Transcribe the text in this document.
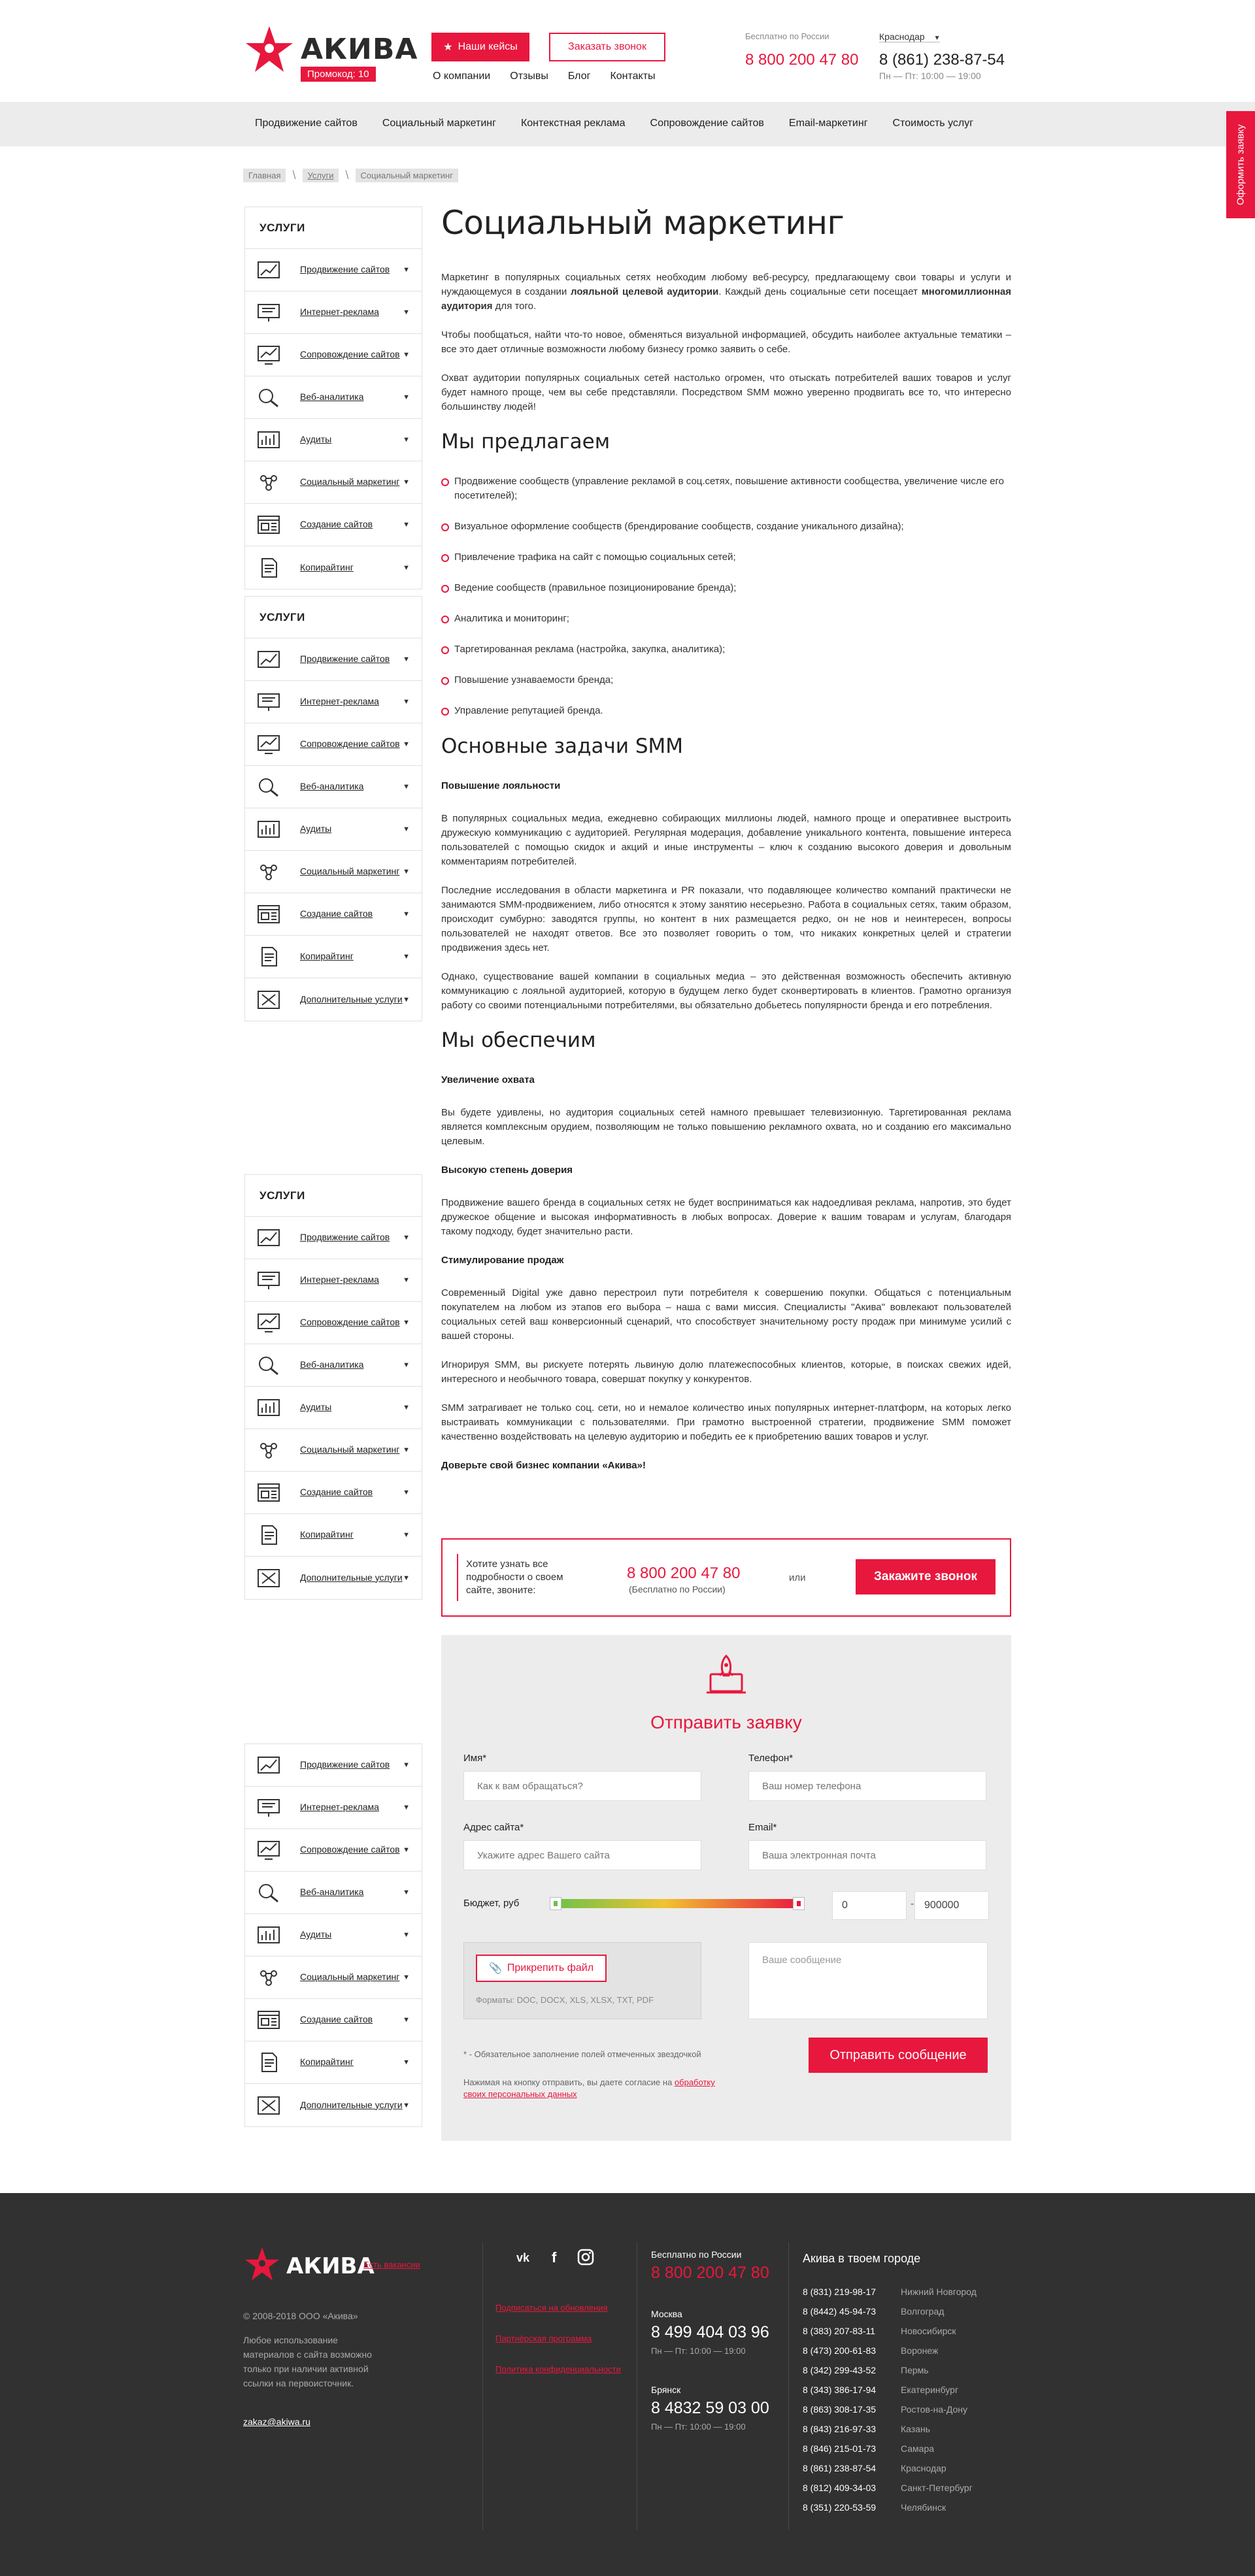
АКИВА
Промокод: 10
★ Наши кейсы	Заказать звонок
О компании Отзывы Блог Контакты
Бесплатно по России
8 800 200 47 80
Краснодар ▼
8 (861) 238-87-54
Пн — Пт: 10:00 — 19:00
Продвижение сайтов Социальный маркетинг Контекстная реклама Сопровождение сайтов Email-маркетинг Стоимость услуг
Оформить заявку
Главная	\	Услуги	\	Социальный маркетинг
УСЛУГИ
Продвижение сайтов	▼
Интернет-реклама	▼
Сопровождение сайтов ▼
Веб-аналитика	▼
Аудиты	▼
Социальный маркетинг ▼
Создание сайтов	▼
Копирайтинг	▼
УСЛУГИ
Продвижение сайтов	▼
Интернет-реклама	▼
Сопровождение сайтов ▼
Веб-аналитика	▼
Аудиты	▼
Социальный маркетинг ▼
Создание сайтов	▼
Копирайтинг	▼
Дополнительные услуги ▼
УСЛУГИ
Продвижение сайтов	▼
Интернет-реклама	▼
Сопровождение сайтов ▼
Веб-аналитика	▼
Аудиты	▼
Социальный маркетинг ▼
Создание сайтов	▼
Копирайтинг	▼
Дополнительные услуги ▼
Продвижение сайтов	▼
Интернет-реклама	▼
Сопровождение сайтов ▼
Веб-аналитика	▼
Аудиты	▼
Социальный маркетинг ▼
Создание сайтов	▼
Копирайтинг	▼
Дополнительные услуги ▼
Социальный маркетинг

Маркетинг в популярных социальных сетях необходим любому веб-ресурсу, предлагающему свои товары и услуги и нуждающемуся в создании лояльной целевой аудитории. Каждый день социальные сети посещает многомиллионная аудитория для того.

Чтобы пообщаться, найти что-то новое, обменяться визуальной информацией, обсудить наиболее актуальные тематики – все это дает отличные возможности любому бизнесу громко заявить о себе.

Охват аудитории популярных социальных сетей настолько огромен, что отыскать потребителей ваших товаров и услуг будет намного проще, чем вы себе представляли. Посредством SMM можно уверенно продвигать все то, что интересно большинству людей!

Мы предлагаем
Продвижение сообществ (управление рекламой в соц.сетях, повышение активности сообщества, увеличение числе его посетителей);
Визуальное оформление сообществ (брендирование сообществ, создание уникального дизайна);
Привлечение трафика на сайт с помощью социальных сетей;
Ведение сообществ (правильное позиционирование бренда);
Аналитика и мониторинг;
Таргетированная реклама (настройка, закупка, аналитика);
Повышение узнаваемости бренда;
Управление репутацией бренда.
Основные задачи SMM

Повышение лояльности

В популярных социальных медиа, ежедневно собирающих миллионы людей, намного проще и оперативнее выстроить дружескую коммуникацию с аудиторией. Регулярная модерация, добавление уникального контента, повышение интереса пользователей с помощью скидок и акций и иные инструменты – ключ к созданию высокого доверия и довольным комментариям потребителей.

Последние исследования в области маркетинга и PR показали, что подавляющее количество компаний практически не занимаются SMM-продвижением, либо относятся к этому занятию несерьезно. Работа в социальных сетях, таким образом, происходит сумбурно: заводятся группы, но контент в них размещается редко, он не нов и неинтересен, вопросы пользователей не находят ответов. Все это позволяет говорить о том, что никаких конкретных целей и стратегии продвижения здесь нет.

Однако, существование вашей компании в социальных медиа – это действенная возможность обеспечить активную коммуникацию с лояльной аудиторией, которую в будущем легко будет сконвертировать в клиентов. Грамотно организуя работу со своими потенциальными потребителями, вы обязательно добьетесь популярности бренда и его потребления.

Мы обеспечим

Увеличение охвата

Вы будете удивлены, но аудитория социальных сетей намного превышает телевизионную. Таргетированная реклама является комплексным орудием, позволяющим не только повышению рекламного охвата, но и созданию его максимально целевым.

Высокую степень доверия

Продвижение вашего бренда в социальных сетях не будет восприниматься как надоедливая реклама, напротив, это будет дружеское общение и высокая информативность в любых вопросах. Доверие к вашим товарам и услугам, благодаря такому подходу, будет значительно расти.

Стимулирование продаж

Современный Digital уже давно перестроил пути потребителя к совершению покупки. Общаться с потенциальным покупателем на любом из этапов его выбора – наша с вами миссия. Специалисты "Акива" вовлекают пользователей социальных сетей ваш конверсионный сценарий, что способствует значительному росту продаж при минимуме усилий с вашей стороны.

Игнорируя SMM, вы рискуете потерять львиную долю платежеспособных клиентов, которые, в поисках свежих идей, интересного и необычного товара, совершат покупку у конкурентов.

SMM затрагивает не только соц. сети, но и немалое количество иных популярных интернет-платформ, на которых легко выстраивать коммуникации с пользователями. При грамотно выстроенной стратегии, продвижение SMM поможет качественно воздействовать на целевую аудиторию и победить ее к приобретению ваших товаров и услуг.

Доверьте свой бизнес компании «Акива»!

Хотите узнать все подробности о своем сайте, звоните:
8 800 200 47 80
(Бесплатно по России)
или	Закажите звонок
Отправить заявку
Имя*
Как к вам обращаться?	Телефон*
Ваш номер телефона
Адрес сайта*
Укажите адрес Вашего сайта	Email*
Ваша электронная почта
Бюджет, руб	0	- 900000
📎 Прикрепить файл
Форматы: DOC, DOCX, XLS, XLSX, TXT, PDF
Ваше сообщение
* - Обязательное заполнение полей отмеченных звездочкой
Нажимая на кнопку отправить, вы даете согласие на обработку своих персональных данных
Отправить сообщение
АКИВА
Есть вакансии
© 2008-2018 ООО «Акива»
Любое использование материалов с сайта возможно только при наличии активной ссылки на первоисточник.
zakaz@akiwa.ru
vk f
Подписаться на обновления
Партнёрская программа
Политика конфиденциальности
Бесплатно по России
8 800 200 47 80
Москва
8 499 404 03 96
Пн — Пт: 10:00 — 19:00
Брянск
8 4832 59 03 00
Пн — Пт: 10:00 — 19:00
Акива в твоем городе
8 (831) 219-98-17	Нижний Новгород
8 (8442) 45-94-73	Волгоград
8 (383) 207-83-11	Новосибирск
8 (473) 200-61-83	Воронеж
8 (342) 299-43-52	Пермь
8 (343) 386-17-94	Екатеринбург
8 (863) 308-17-35	Ростов-на-Дону
8 (843) 216-97-33	Казань
8 (846) 215-01-73	Самара
8 (861) 238-87-54	Краснодар
8 (812) 409-34-03	Санкт-Петербург
8 (351) 220-53-59	Челябинск
